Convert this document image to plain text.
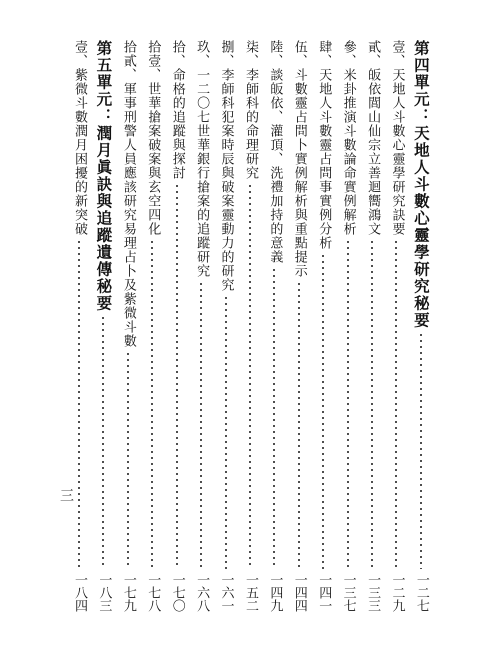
第四單元：天地人斗數心靈學研究秘要
一二七
壹、天地人斗數心靈學研究訣要
一二九
貳、皈依閭山仙宗立善迴嚮鴻文
一三三
參、米卦推演斗數論命實例解析
一三七
肆、天地人斗數靈占問事實例分析
一四一
伍、斗數靈占問卜實例解析與重點提示
一四四
陸、談皈依、灌頂、洗禮加持的意義
一四九
柒、李師科的命理研究
一五二
捌、李師科犯案時辰與破案靈動力的研究
一六一
玖、一二〇七世華銀行搶案的追蹤研究
一六八
拾、命格的追蹤與探討
一七〇
拾壹、世華搶案破案與玄空四化
一七八
拾貳、軍事刑警人員應該研究易理占卜及紫微斗數
一七九
第五單元：潤月眞訣與追蹤遺傳秘要
一八三
壹、紫微斗數潤月困擾的新突破
一八四
三
